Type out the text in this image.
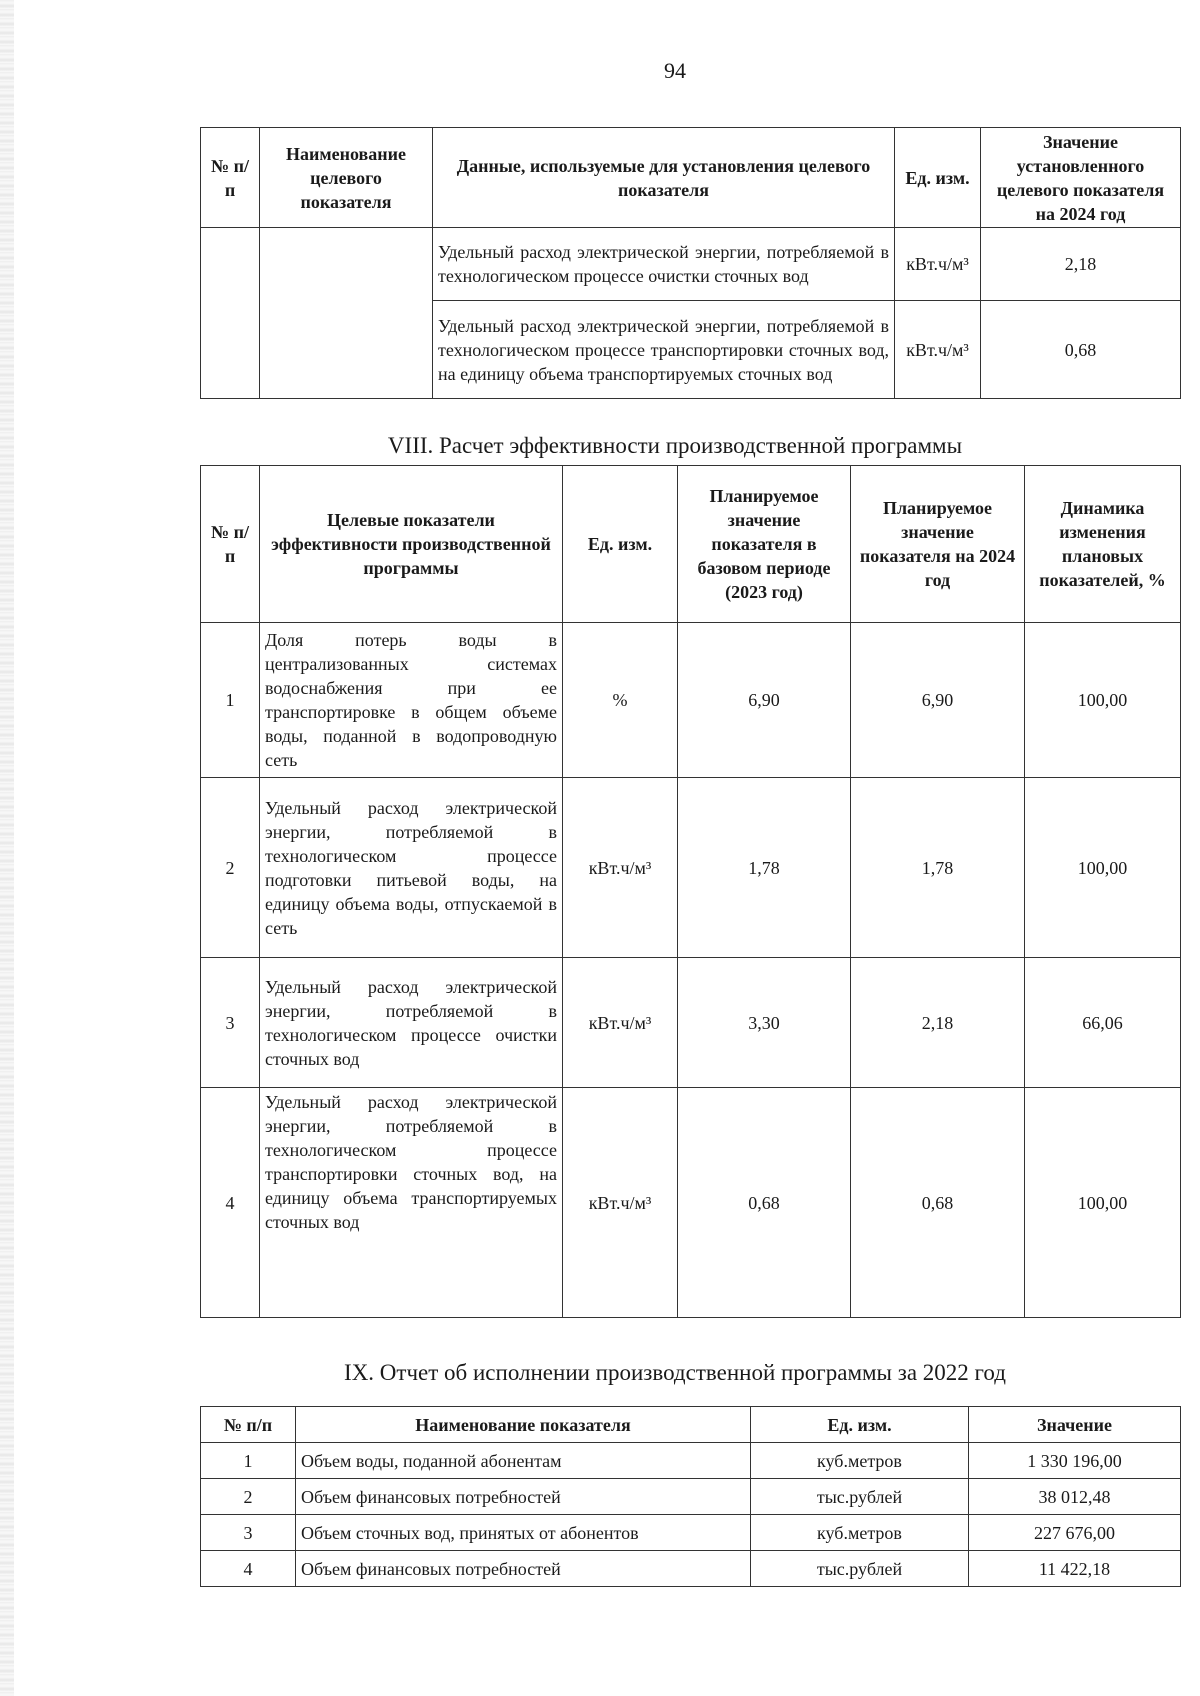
94
№ п/п	Наименование целевого показателя	Данные, используемые для установления целевого показателя	Ед. изм.	Значение установленного целевого показателя на 2024 год

		Удельный расход электрической энергии, потребляемой в технологическом процессе очистки сточных вод	кВт.ч/м³	2,18

		Удельный расход электрической энергии, потребляемой в технологическом процессе транспортировки сточных вод, на единицу объема транспортируемых сточных вод	кВт.ч/м³	0,68
VIII. Расчет эффективности производственной программы
№ п/п	Целевые показатели эффективности производственной программы	Ед. изм.	Планируемое значение показателя в базовом периоде (2023 год)	Планируемое значение показателя на 2024 год	Динамика изменения плановых показателей, %
1	Доля потерь воды в централизованных системах водоснабжения при ее транспортировке в общем объеме воды, поданной в водопроводную сеть	%	6,90	6,90	100,00
2	Удельный расход электрической энергии, потребляемой в технологическом процессе подготовки питьевой воды, на единицу объема воды, отпускаемой в сеть	кВт.ч/м³	1,78	1,78	100,00
3	Удельный расход электрической энергии, потребляемой в технологическом процессе очистки сточных вод	кВт.ч/м³	3,30	2,18	66,06
4	Удельный расход электрической энергии, потребляемой в технологическом процессе транспортировки сточных вод, на единицу объема транспортируемых сточных вод	кВт.ч/м³	0,68	0,68	100,00
IX. Отчет об исполнении производственной программы за 2022 год
№ п/п	Наименование показателя	Ед. изм.	Значение
1	Объем воды, поданной абонентам	куб.метров	1 330 196,00
2	Объем финансовых потребностей	тыс.рублей	38 012,48
3	Объем сточных вод, принятых от абонентов	куб.метров	227 676,00
4	Объем финансовых потребностей	тыс.рублей	11 422,18
